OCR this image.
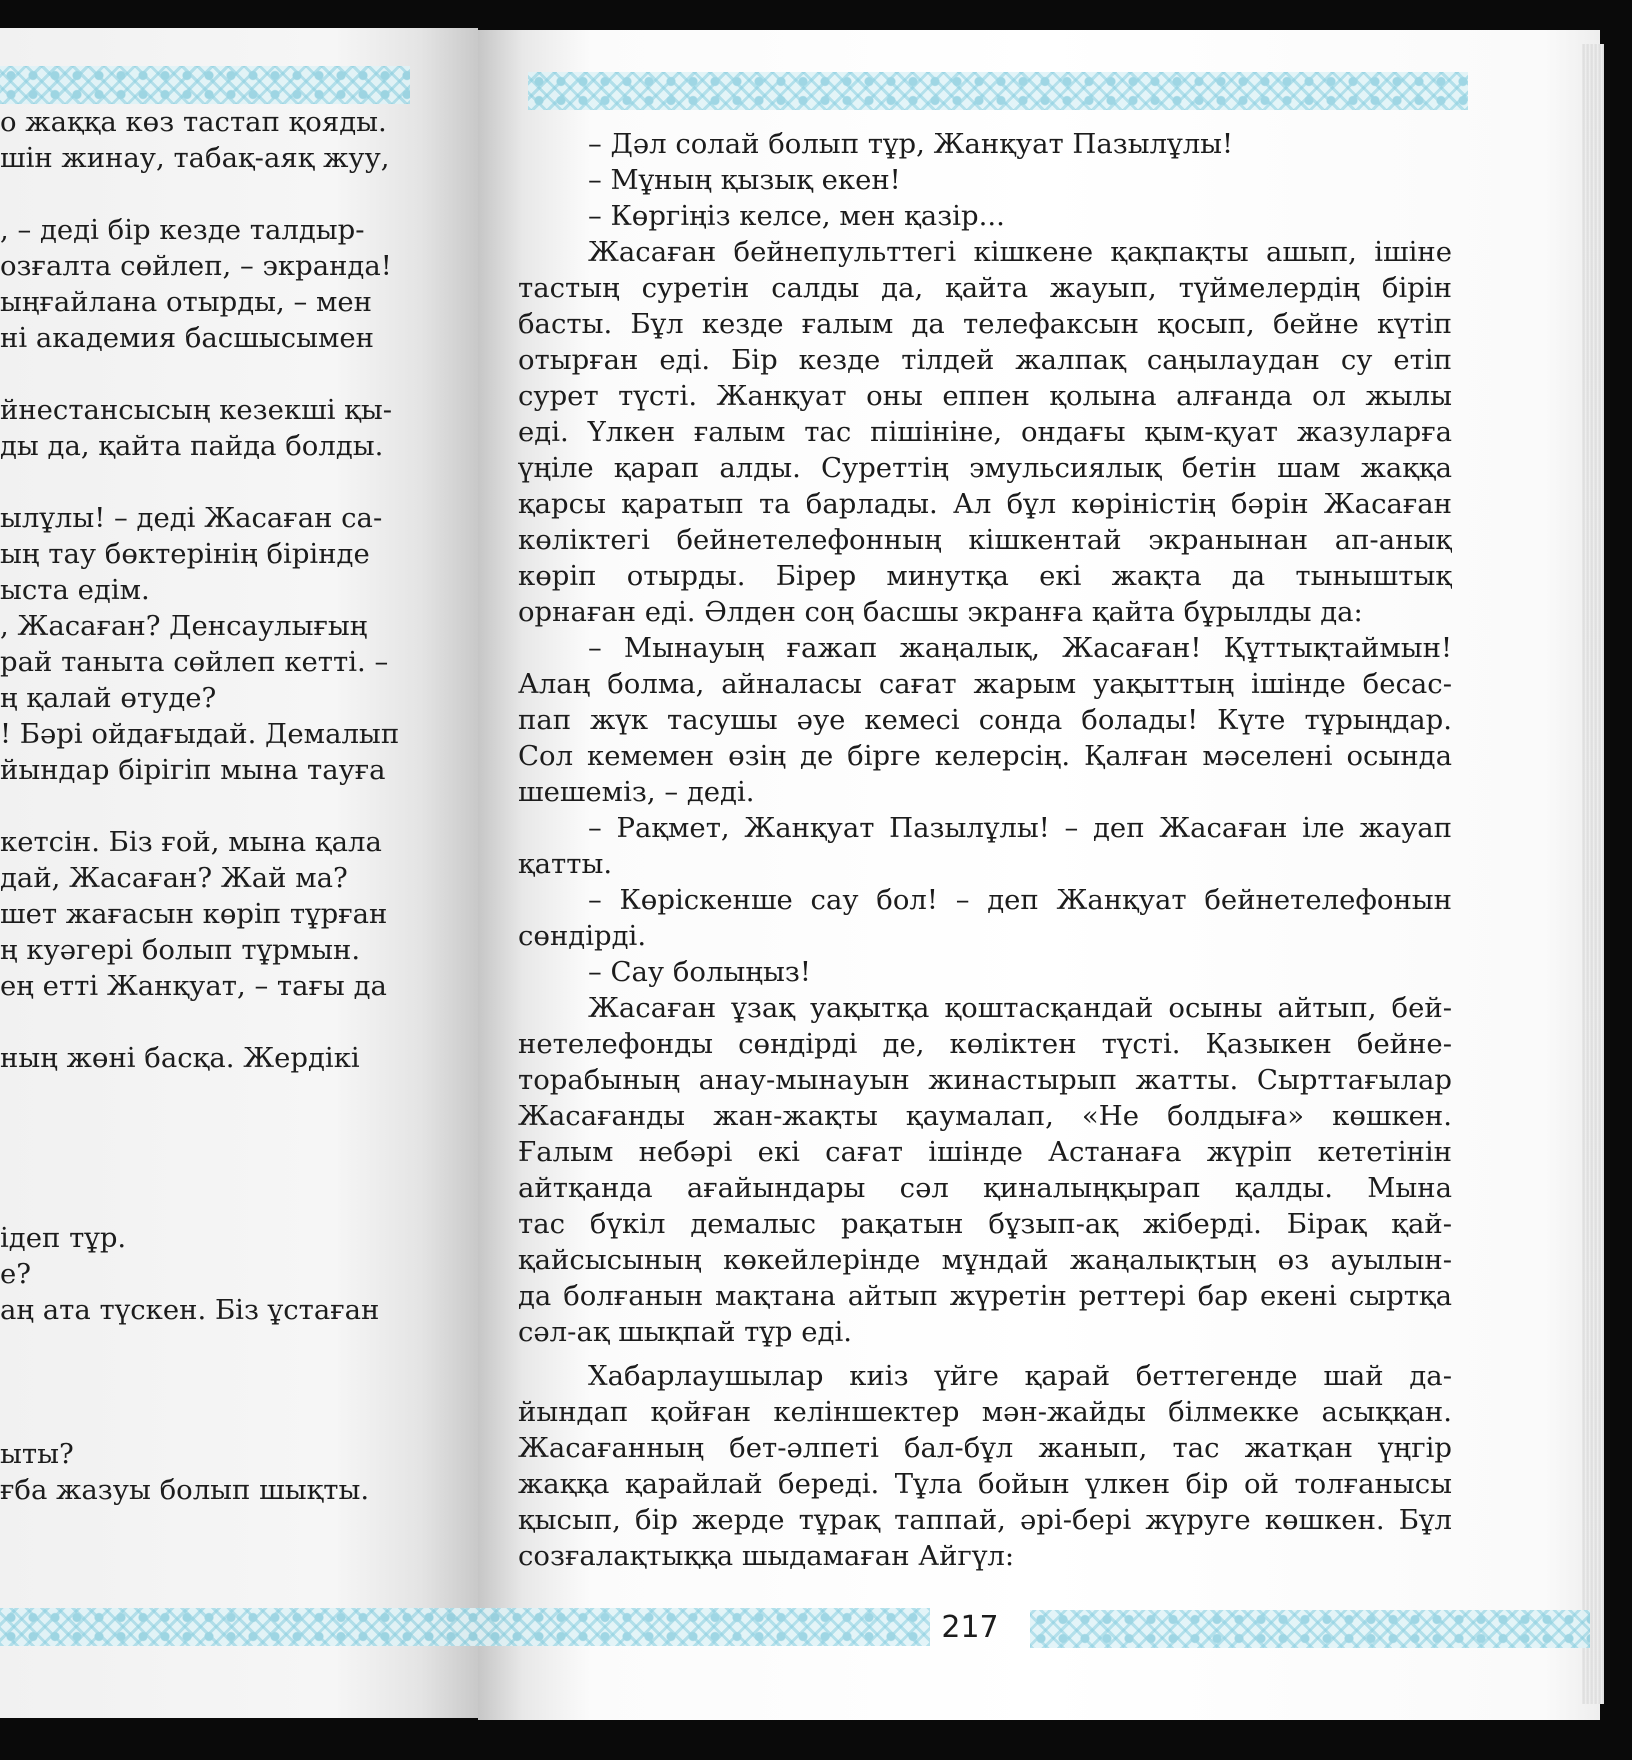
о жаққа көз тастап қояды.
шін жинау, табақ-аяқ жуу,
, – деді бір кезде талдыр-
озғалта сөйлеп, – экранда!
ыңғайлана отырды, – мен
ні академия басшысымен
йнестансысың кезекші қы-
ды да, қайта пайда болды.
ылұлы! – деді Жасаған са-
ың тау бөктерінің бірінде
ыста едім.
, Жасаған? Денсаулығың
рай таныта сөйлеп кетті. –
ң қалай өтуде?
! Бәрі ойдағыдай. Демалып
йындар бірігіп мына тауға
кетсін. Біз ғой, мына қала
дай, Жасаған? Жай ма?
шет жағасын көріп тұрған
ң куәгері болып тұрмын.
ең етті Жанқуат, – тағы да
ның жөні басқа. Жердікі
ідеп тұр.
е?
аң ата түскен. Біз ұстаған
ыты?
ғба жазуы болып шықты.
– Дәл солай болып тұр, Жанқуат Пазылұлы!
– Мұның қызық екен!
– Көргіңіз келсе, мен қазір...
Жасаған бейнепульттегі кішкене қақпақты ашып, ішіне
тастың суретін салды да, қайта жауып, түймелердің бірін
басты. Бұл кезде ғалым да телефаксын қосып, бейне күтіп
отырған еді. Бір кезде тілдей жалпақ саңылаудан су етіп
сурет түсті. Жанқуат оны еппен қолына алғанда ол жылы
еді. Үлкен ғалым тас пішініне, ондағы қым-қуат жазуларға
үңіле қарап алды. Суреттің эмульсиялық бетін шам жаққа
қарсы қаратып та барлады. Ал бұл көріністің бәрін Жасаған
көліктегі бейнетелефонның кішкентай экранынан ап-анық
көріп отырды. Бірер минутқа екі жақта да тыныштық
орнаған еді. Әлден соң басшы экранға қайта бұрылды да:
– Мынауың ғажап жаңалық, Жасаған! Құттықтаймын!
Алаң болма, айналасы сағат жарым уақыттың ішінде бесас-
пап жүк тасушы әуе кемесі сонда болады! Күте тұрыңдар.
Сол кемемен өзің де бірге келерсің. Қалған мәселені осында
шешеміз, – деді.
– Рақмет, Жанқуат Пазылұлы! – деп Жасаған іле жауап
қатты.
– Көріскенше сау бол! – деп Жанқуат бейнетелефонын
сөндірді.
– Сау болыңыз!
Жасаған ұзақ уақытқа қоштасқандай осыны айтып, бей-
нетелефонды сөндірді де, көліктен түсті. Қазыкен бейне-
торабының анау-мынауын жинастырып жатты. Сырттағылар
Жасағанды жан-жақты қаумалап, «Не болдыға» көшкен.
Ғалым небәрі екі сағат ішінде Астанаға жүріп кететінін
айтқанда ағайындары сәл қиналыңқырап қалды. Мына
тас бүкіл демалыс рақатын бұзып-ақ жіберді. Бірақ қай-
қайсысының көкейлерінде мұндай жаңалықтың өз ауылын-
да болғанын мақтана айтып жүретін реттері бар екені сыртқа
сәл-ақ шықпай тұр еді.
Хабарлаушылар киіз үйге қарай беттегенде шай да-
йындап қойған келіншектер мән-жайды білмекке асыққан.
Жасағанның бет-әлпеті бал-бұл жанып, тас жатқан үңгір
жаққа қарайлай береді. Тұла бойын үлкен бір ой толғанысы
қысып, бір жерде тұрақ таппай, әрі-бері жүруге көшкен. Бұл
созғалақтыққа шыдамаған Айгүл:
217
